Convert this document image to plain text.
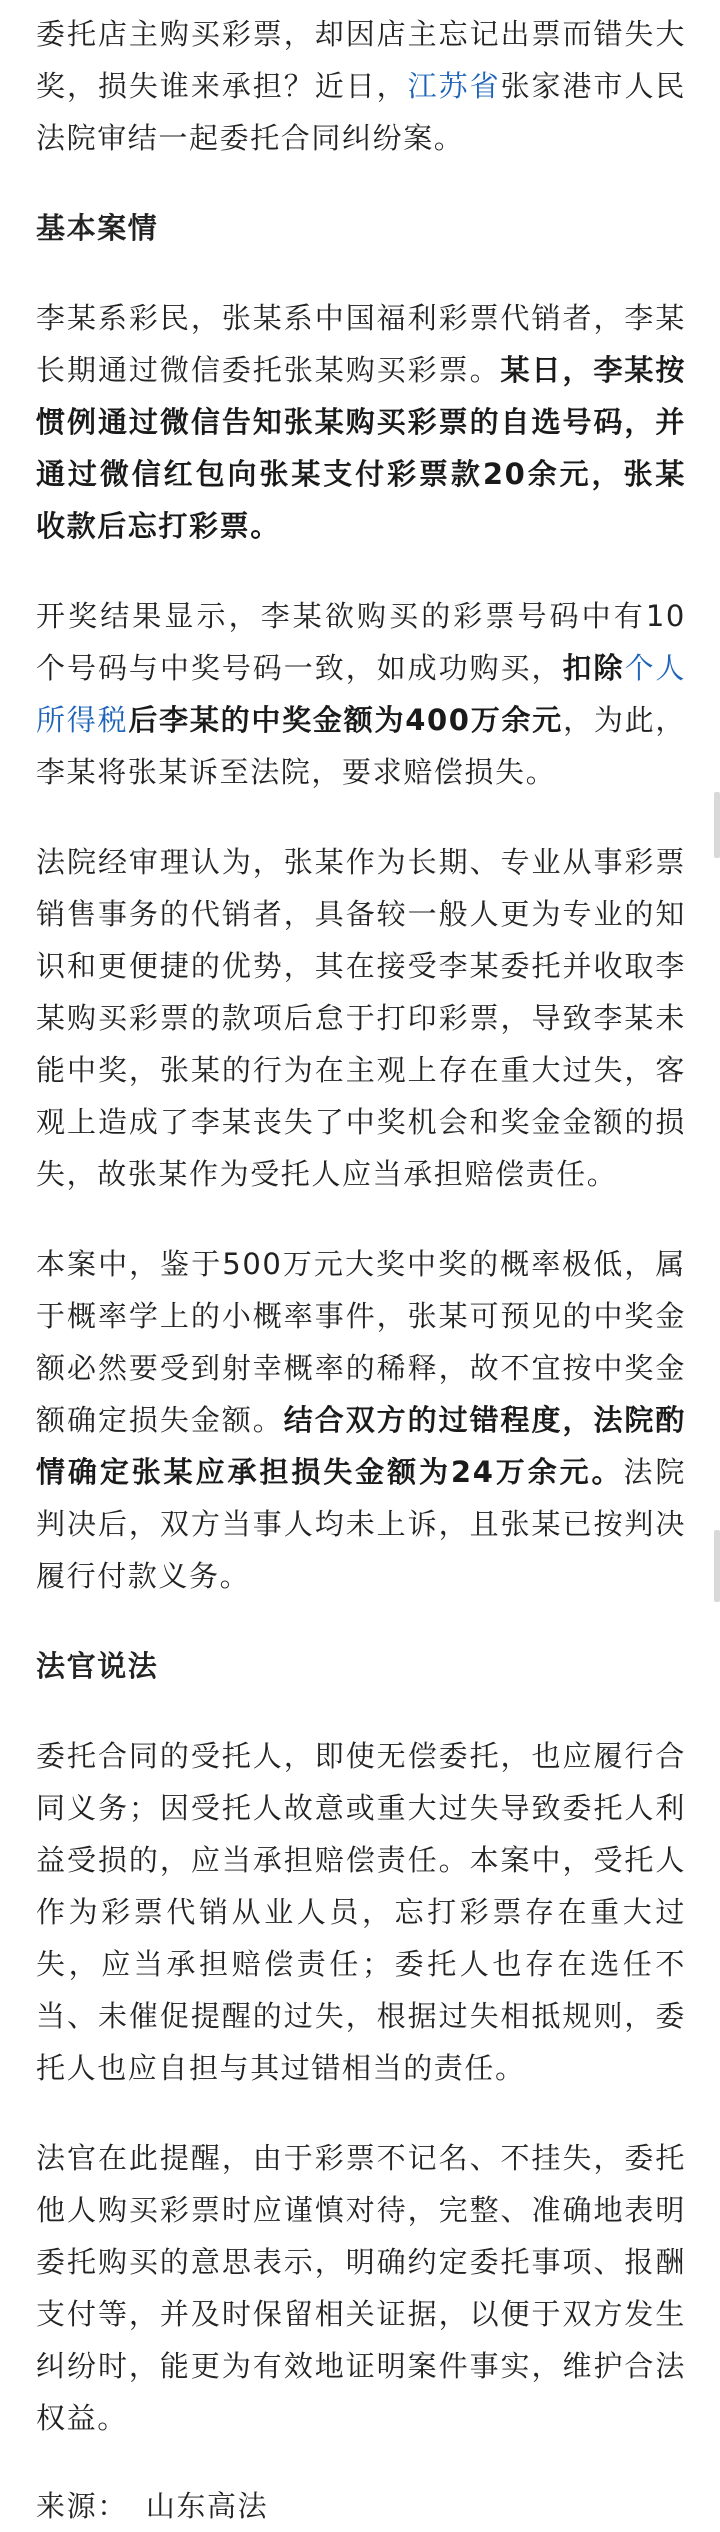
委托店主购买彩票，却因店主忘记出票而错失大奖，损失谁来承担？近日，江苏省张家港市人民法院审结一起委托合同纠纷案。

基本案情

李某系彩民，张某系中国福利彩票代销者，李某长期通过微信委托张某购买彩票。某日，李某按惯例通过微信告知张某购买彩票的自选号码，并通过微信红包向张某支付彩票款20余元，张某收款后忘打彩票。

开奖结果显示，李某欲购买的彩票号码中有10个号码与中奖号码一致，如成功购买，扣除个人所得税后李某的中奖金额为400万余元，为此，李某将张某诉至法院，要求赔偿损失。

法院经审理认为，张某作为长期、专业从事彩票销售事务的代销者，具备较一般人更为专业的知识和更便捷的优势，其在接受李某委托并收取李某购买彩票的款项后怠于打印彩票，导致李某未能中奖，张某的行为在主观上存在重大过失，客观上造成了李某丧失了中奖机会和奖金金额的损失，故张某作为受托人应当承担赔偿责任。

本案中，鉴于500万元大奖中奖的概率极低，属于概率学上的小概率事件，张某可预见的中奖金额必然要受到射幸概率的稀释，故不宜按中奖金额确定损失金额。结合双方的过错程度，法院酌情确定张某应承担损失金额为24万余元。法院判决后，双方当事人均未上诉，且张某已按判决履行付款义务。

法官说法

委托合同的受托人，即使无偿委托，也应履行合同义务；因受托人故意或重大过失导致委托人利益受损的，应当承担赔偿责任。本案中，受托人作为彩票代销从业人员，忘打彩票存在重大过失，应当承担赔偿责任；委托人也存在选任不当、未催促提醒的过失，根据过失相抵规则，委托人也应自担与其过错相当的责任。

法官在此提醒，由于彩票不记名、不挂失，委托他人购买彩票时应谨慎对待，完整、准确地表明委托购买的意思表示，明确约定委托事项、报酬支付等，并及时保留相关证据，以便于双方发生纠纷时，能更为有效地证明案件事实，维护合法权益。

来源： 山东高法
